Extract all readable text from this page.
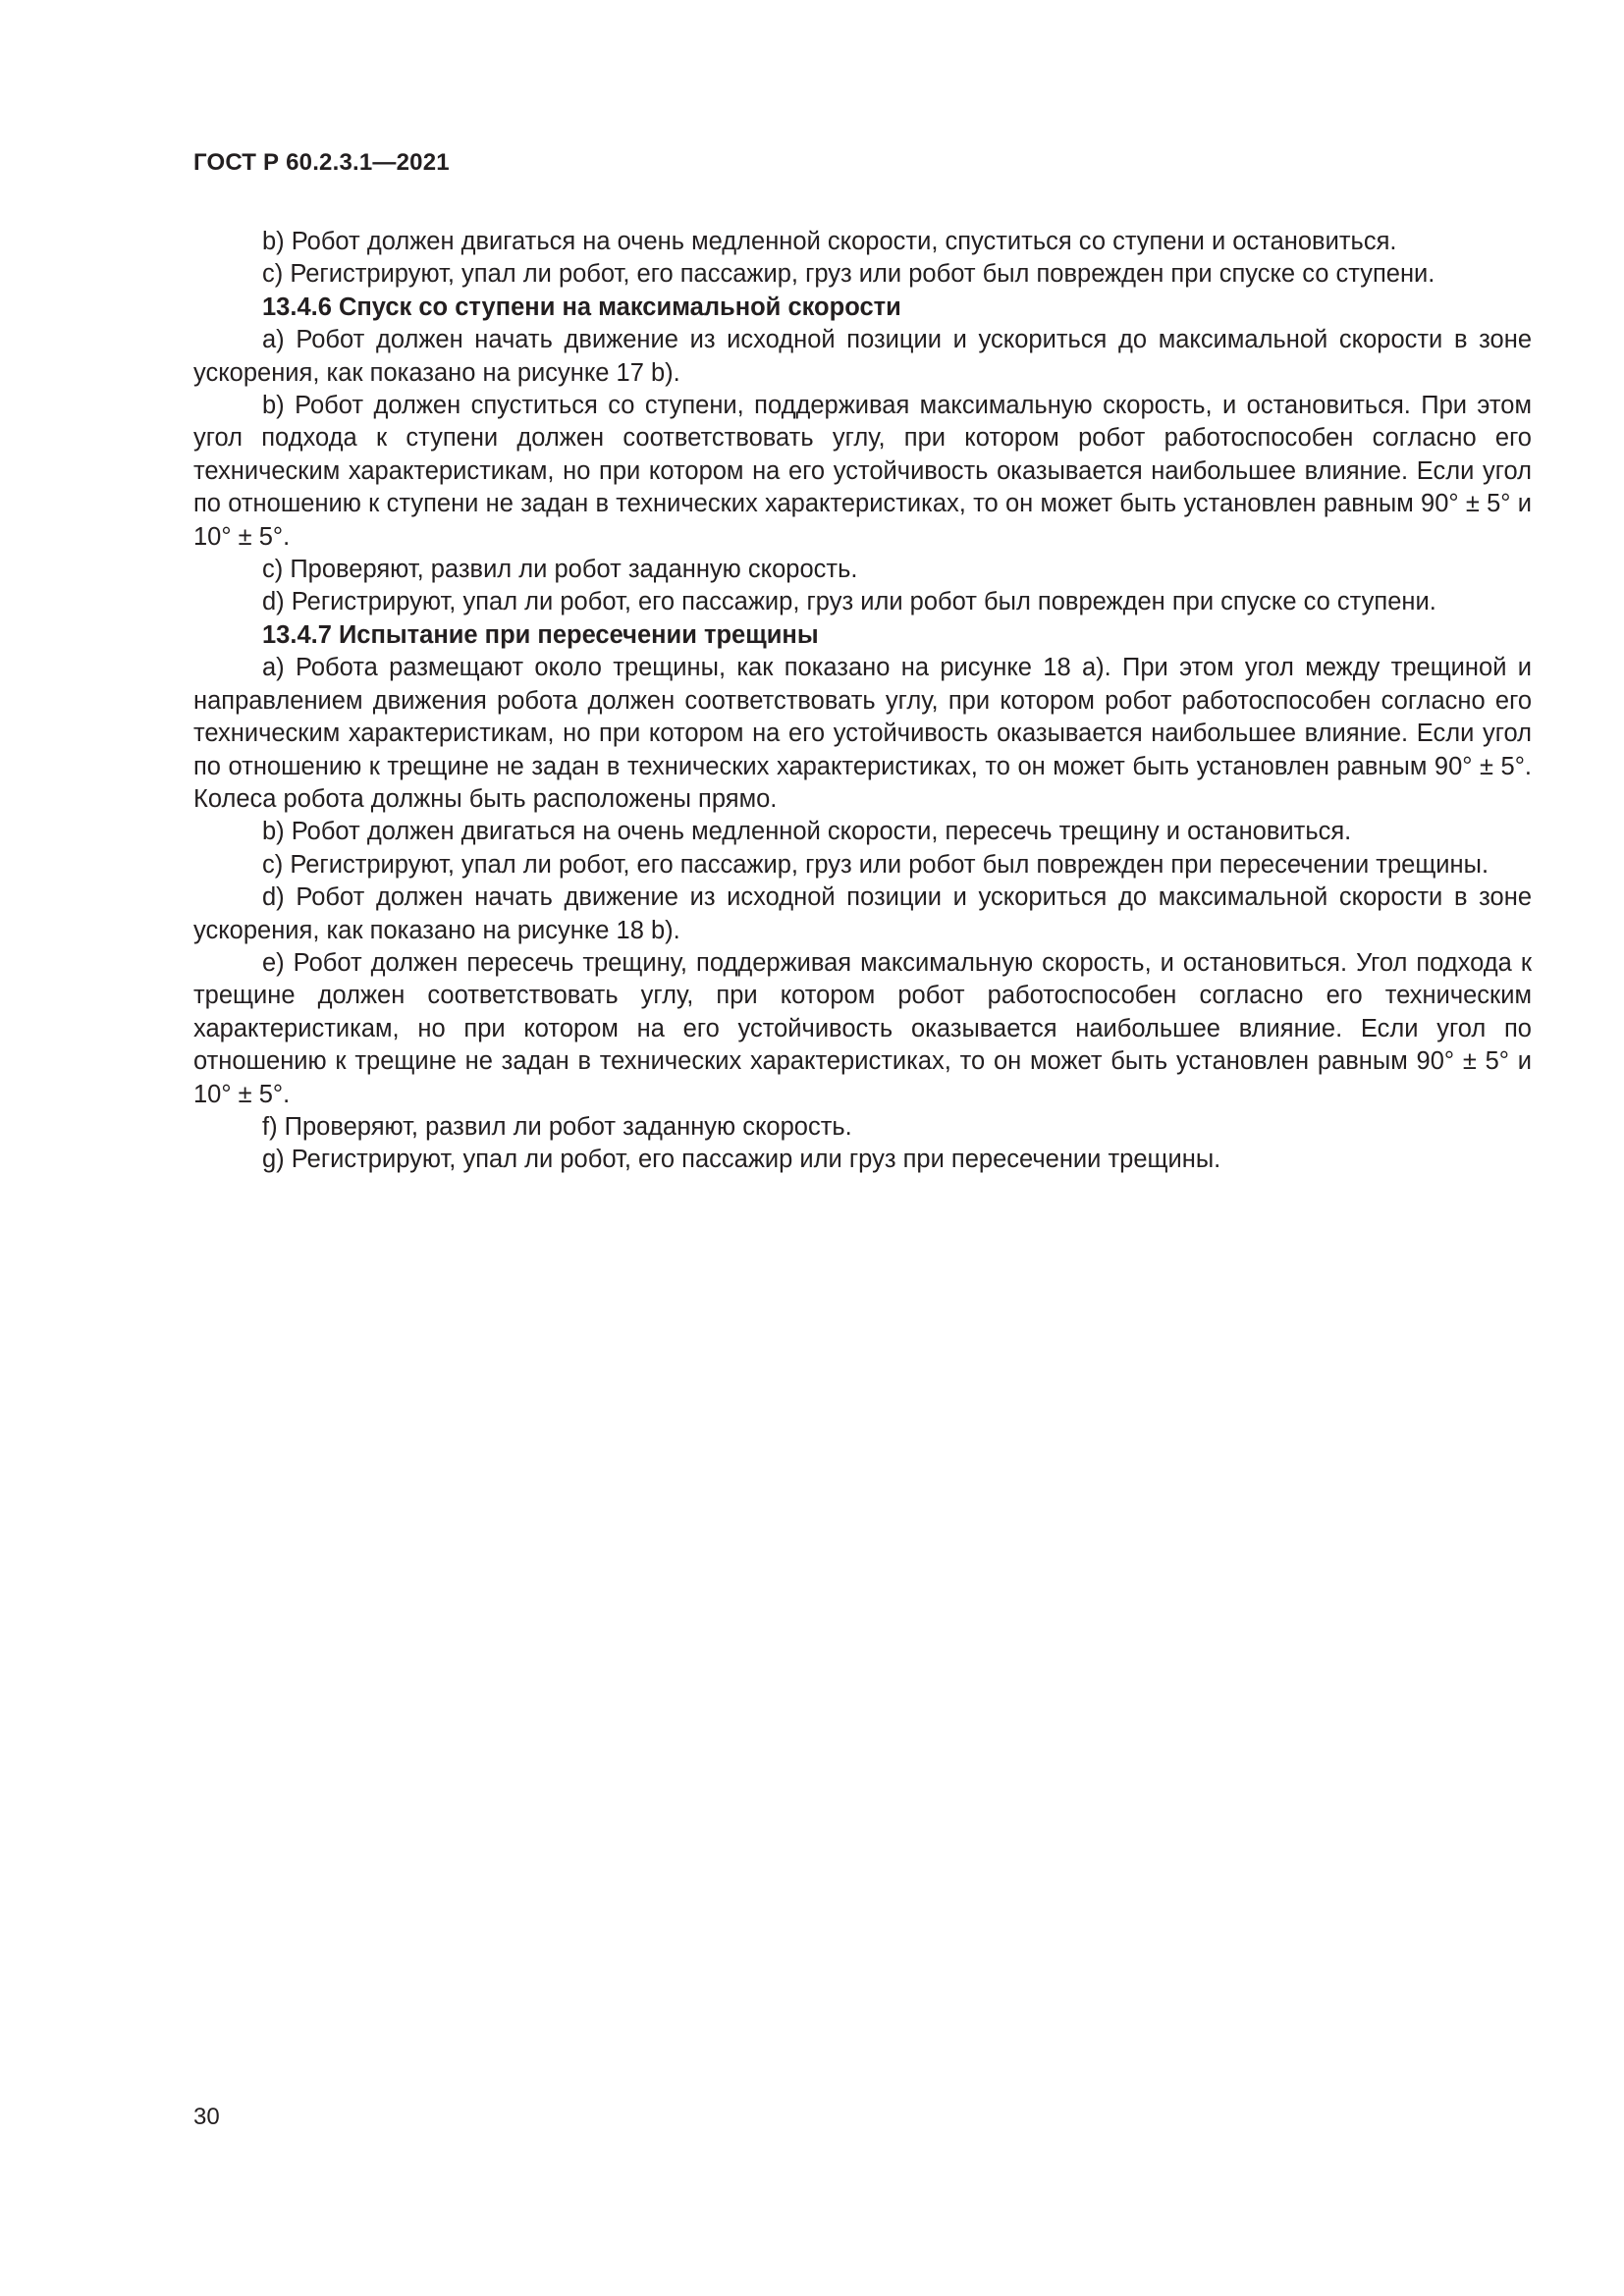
ГОСТ Р 60.2.3.1—2021

b) Робот должен двигаться на очень медленной скорости, спуститься со ступени и остановиться.

c) Регистрируют, упал ли робот, его пассажир, груз или робот был поврежден при спуске со ступени.

13.4.6 Спуск со ступени на максимальной скорости

a) Робот должен начать движение из исходной позиции и ускориться до максимальной скорости в зоне ускорения, как показано на рисунке 17 b).

b) Робот должен спуститься со ступени, поддерживая максимальную скорость, и остановиться. При этом угол подхода к ступени должен соответствовать углу, при котором робот работоспособен согласно его техническим характеристикам, но при котором на его устойчивость оказывается наибольшее влияние. Если угол по отношению к ступени не задан в технических характеристиках, то он может быть установлен равным 90° ± 5° и 10° ± 5°.

c) Проверяют, развил ли робот заданную скорость.

d) Регистрируют, упал ли робот, его пассажир, груз или робот был поврежден при спуске со ступени.

13.4.7 Испытание при пересечении трещины

a) Робота размещают около трещины, как показано на рисунке 18 a). При этом угол между трещиной и направлением движения робота должен соответствовать углу, при котором робот работоспособен согласно его техническим характеристикам, но при котором на его устойчивость оказывается наибольшее влияние. Если угол по отношению к трещине не задан в технических характеристиках, то он может быть установлен равным 90° ± 5°. Колеса робота должны быть расположены прямо.

b) Робот должен двигаться на очень медленной скорости, пересечь трещину и остановиться.

c) Регистрируют, упал ли робот, его пассажир, груз или робот был поврежден при пересечении трещины.

d) Робот должен начать движение из исходной позиции и ускориться до максимальной скорости в зоне ускорения, как показано на рисунке 18 b).

e) Робот должен пересечь трещину, поддерживая максимальную скорость, и остановиться. Угол подхода к трещине должен соответствовать углу, при котором робот работоспособен согласно его техническим характеристикам, но при котором на его устойчивость оказывается наибольшее влияние. Если угол по отношению к трещине не задан в технических характеристиках, то он может быть установлен равным 90° ± 5° и 10° ± 5°.

f) Проверяют, развил ли робот заданную скорость.

g) Регистрируют, упал ли робот, его пассажир или груз при пересечении трещины.

30
